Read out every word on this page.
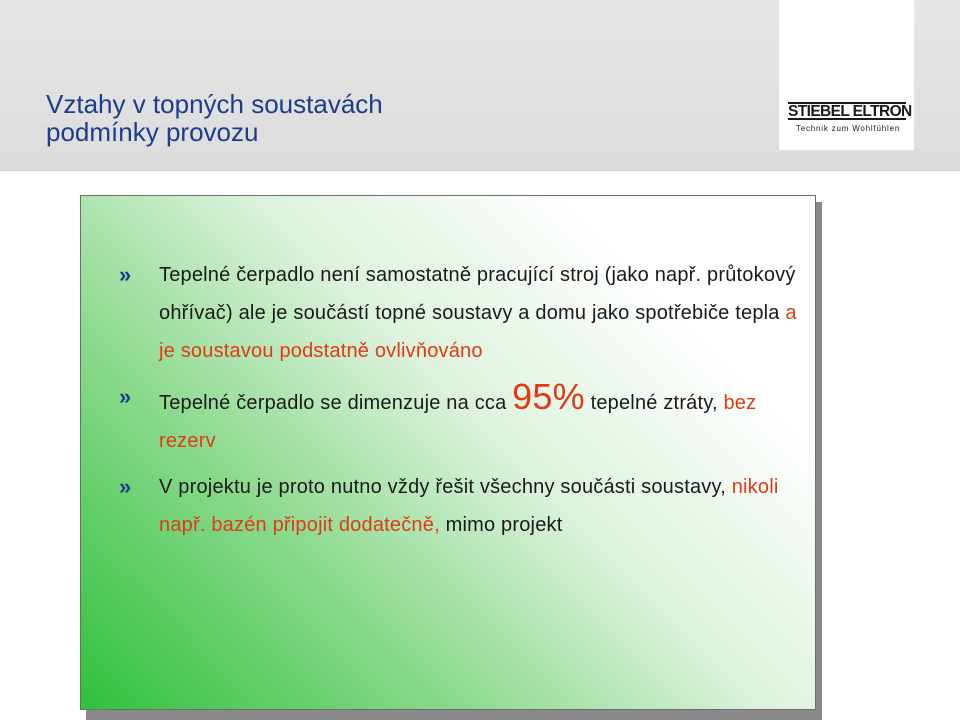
Vztahy v topných soustavách
podmínky provozu
STIEBEL ELTRON
Technik zum Wohlfühlen
» Tepelné čerpadlo není samostatně pracující stroj (jako např. průtokový ohřívač) ale je součástí topné soustavy a domu jako spotřebiče tepla a je soustavou podstatně ovlivňováno
» Tepelné čerpadlo se dimenzuje na cca 95% tepelné ztráty, bez rezerv
» V projektu je proto nutno vždy řešit všechny součásti soustavy, nikoli např. bazén připojit dodatečně, mimo projekt
